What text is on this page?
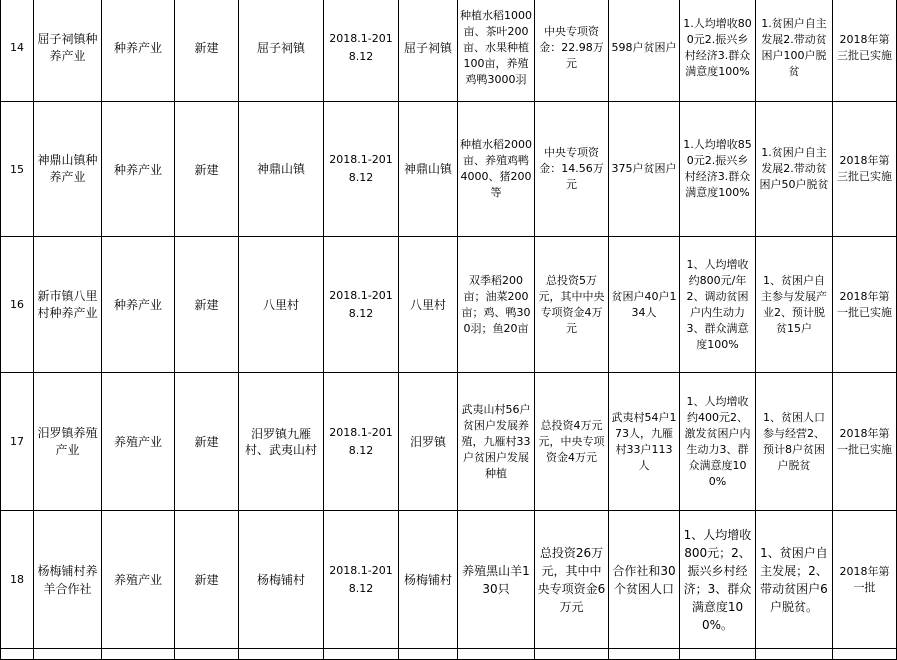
14	屈子祠镇种养产业	种养产业	新建	屈子祠镇	2018.1-2018.12	屈子祠镇	种植水稻1000亩、茶叶200亩、水果种植100亩，养殖鸡鸭3000羽	中央专项资金：22.98万元	598户贫困户	1.人均增收800元2.振兴乡村经济3.群众满意度100%	1.贫困户自主发展2.带动贫困户100户脱贫	2018年第三批已实施
15	神鼎山镇种养产业	种养产业	新建	神鼎山镇	2018.1-2018.12	神鼎山镇	种植水稻2000亩、养殖鸡鸭4000、猪200等	中央专项资金：14.56万元	375户贫困户	1.人均增收850元2.振兴乡村经济3.群众满意度100%	1.贫困户自主发展2.带动贫困户50户脱贫	2018年第三批已实施
16	新市镇八里村种养产业	种养产业	新建	八里村	2018.1-2018.12	八里村	双季稻200亩；油菜200亩；鸡、鸭300羽；鱼20亩	总投资5万元，其中中央专项资金4万元	贫困户40户134人	1、人均增收约800元/年2、调动贫困户内生动力3、群众满意度100%	1、贫困户自主参与发展产业2、预计脱贫15户	2018年第一批已实施
17	汨罗镇养殖产业	养殖产业	新建	汨罗镇九雁村、武夷山村	2018.1-2018.12	汨罗镇	武夷山村56户贫困户发展养殖，九雁村33户贫困户发展种植	总投资4万元元，中央专项资金4万元	武夷村54户173人，九雁村33户113人	1、人均增收约400元2、激发贫困户内生动力3、群众满意度100%	1、贫困人口参与经营2、预计8户贫困户脱贫	2018年第一批已实施
18	杨梅铺村养羊合作社	养殖产业	新建	杨梅铺村	2018.1-2018.12	杨梅铺村	养殖黑山羊130只	总投资26万元，其中中央专项资金6万元	合作社和30个贫困人口	1、人均增收800元；2、振兴乡村经济；3、群众满意度100%。	1、贫困户自主发展；2、带动贫困户6户脱贫。	2018年第一批
